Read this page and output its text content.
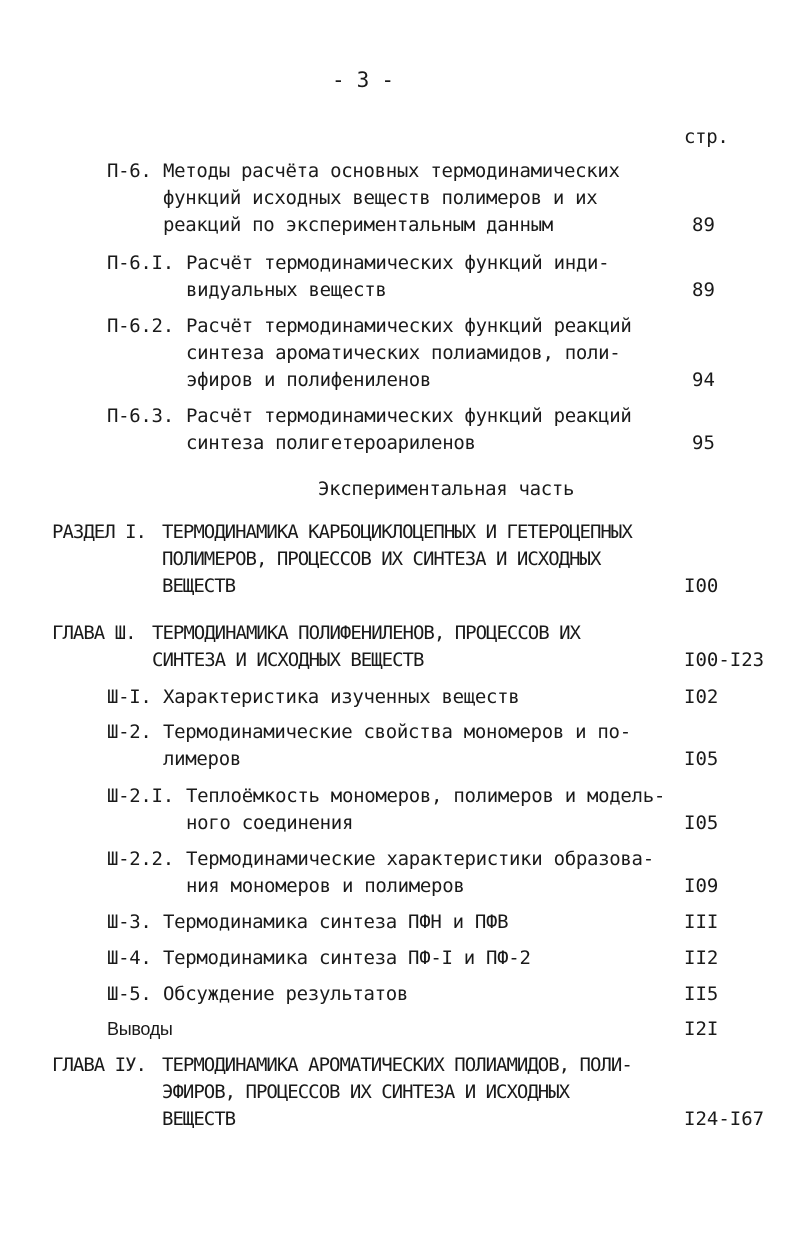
- 3 -
стр.
П-6. Методы расчёта основных термодинамических
функций исходных веществ полимеров и их
реакций по экспериментальным данным	89
П-6.I. Расчёт термодинамических функций инди-
видуальных веществ	89
П-6.2. Расчёт термодинамических функций реакций
синтеза ароматических полиамидов, поли-
эфиров и полифениленов	94
П-6.3. Расчёт термодинамических функций реакций
синтеза полигетероариленов	95
Экспериментальная часть
РАЗДЕЛ I. ТЕРМОДИНАМИКА КАРБОЦИКЛОЦЕПНЫХ И ГЕТЕРОЦЕПНЫХ
ПОЛИМЕРОВ, ПРОЦЕССОВ ИХ СИНТЕЗА И ИСХОДНЫХ
ВЕЩЕСТВ	I00
ГЛАВА Ш. ТЕРМОДИНАМИКА ПОЛИФЕНИЛЕНОВ, ПРОЦЕССОВ ИХ
СИНТЕЗА И ИСХОДНЫХ ВЕЩЕСТВ	I00-I23
Ш-I. Характеристика изученных веществ	I02
Ш-2. Термодинамические свойства мономеров и по-
лимеров	I05
Ш-2.I. Теплоёмкость мономеров, полимеров и модель-
ного соединения	I05
Ш-2.2. Термодинамические характеристики образова-
ния мономеров и полимеров	I09
Ш-3. Термодинамика синтеза ПФН и ПФВ	III
Ш-4. Термодинамика синтеза ПФ-I и ПФ-2	II2
Ш-5. Обсуждение результатов	II5
Выводы	I2I
ГЛАВА IУ. ТЕРМОДИНАМИКА АРОМАТИЧЕСКИХ ПОЛИАМИДОВ, ПОЛИ-
ЭФИРОВ, ПРОЦЕССОВ ИХ СИНТЕЗА И ИСХОДНЫХ
ВЕЩЕСТВ	I24-I67
